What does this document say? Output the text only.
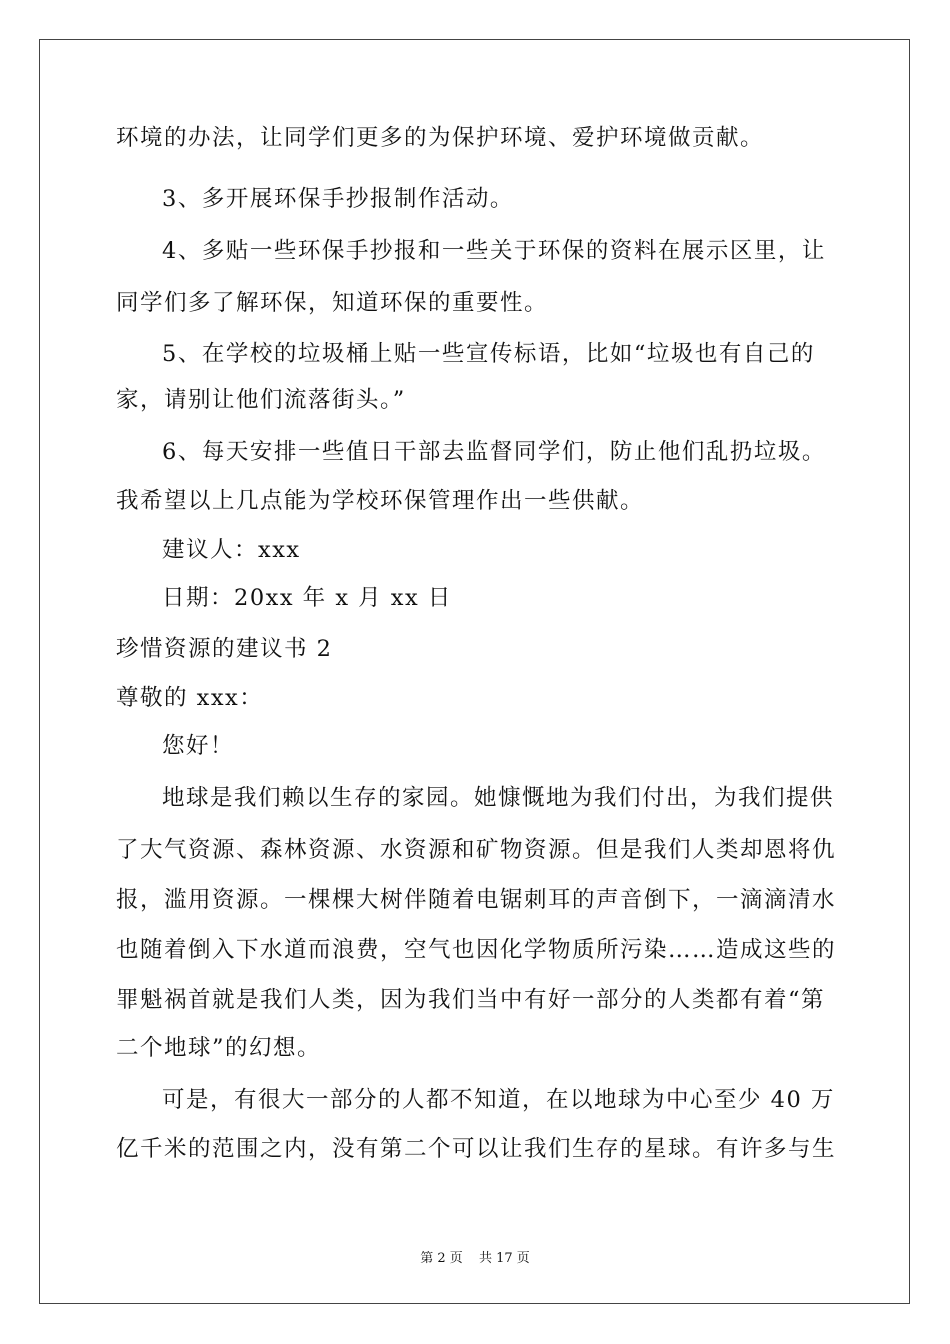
环境的办法，让同学们更多的为保护环境、爱护环境做贡献。
3、多开展环保手抄报制作活动。
4、多贴一些环保手抄报和一些关于环保的资料在展示区里，让
同学们多了解环保，知道环保的重要性。
5、在学校的垃圾桶上贴一些宣传标语，比如“垃圾也有自己的
家，请别让他们流落街头。”
6、每天安排一些值日干部去监督同学们，防止他们乱扔垃圾。
我希望以上几点能为学校环保管理作出一些供献。
建议人：xxx
日期：20xx 年 x 月 xx 日
珍惜资源的建议书 2
尊敬的 xxx：
您好！
地球是我们赖以生存的家园。她慷慨地为我们付出，为我们提供
了大气资源、森林资源、水资源和矿物资源。但是我们人类却恩将仇
报，滥用资源。一棵棵大树伴随着电锯刺耳的声音倒下，一滴滴清水
也随着倒入下水道而浪费，空气也因化学物质所污染……造成这些的
罪魁祸首就是我们人类，因为我们当中有好一部分的人类都有着“第
二个地球”的幻想。
可是，有很大一部分的人都不知道，在以地球为中心至少 40 万
亿千米的范围之内，没有第二个可以让我们生存的星球。有许多与生
第 2 页 共 17 页
